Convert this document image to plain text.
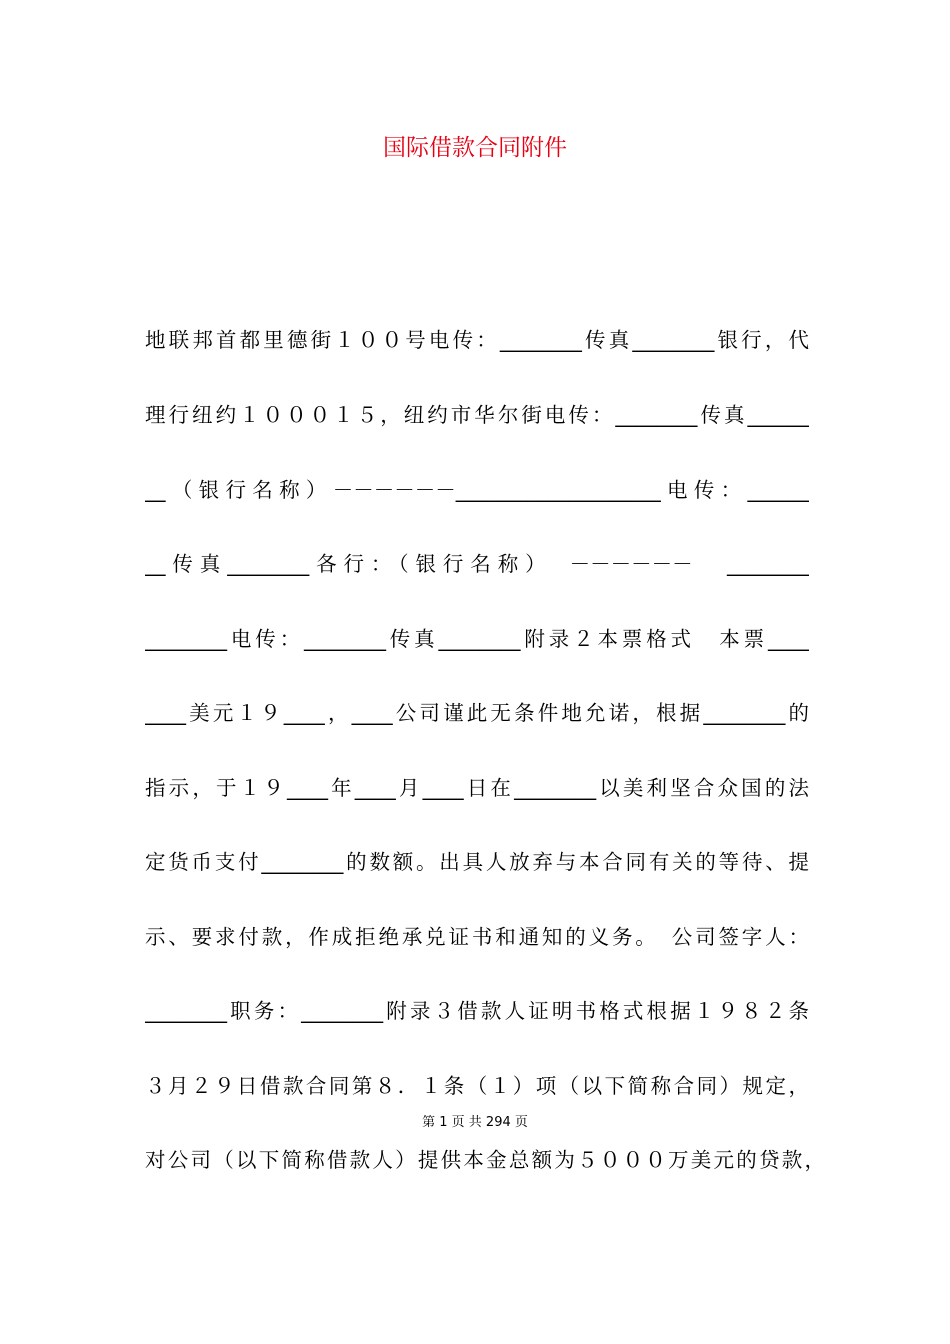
国际借款合同附件
地联邦首都里德街１００号电传：________传真________银行，代
理行纽约１０００１５，纽约市华尔街电传：________传真______
__（银行名称）－－－－－－____________________电传：______
__传真________各行：（银行名称）　－－－－－－　________
________电传：________传真________附录２本票格式　本票____
____美元１９____，____公司谨此无条件地允诺，根据________的
指示，于１９____年____月____日在________以美利坚合众国的法
定货币支付________的数额。出具人放弃与本合同有关的等待、提
示、要求付款，作成拒绝承兑证书和通知的义务。　公司签字人：
________职务：________附录３借款人证明书格式根据１９８２条
３月２９日借款合同第８．１条（１）项（以下简称合同）规定，
第 1 页 共 294 页
对公司（以下简称借款人）提供本金总额为５０００万美元的贷款，
